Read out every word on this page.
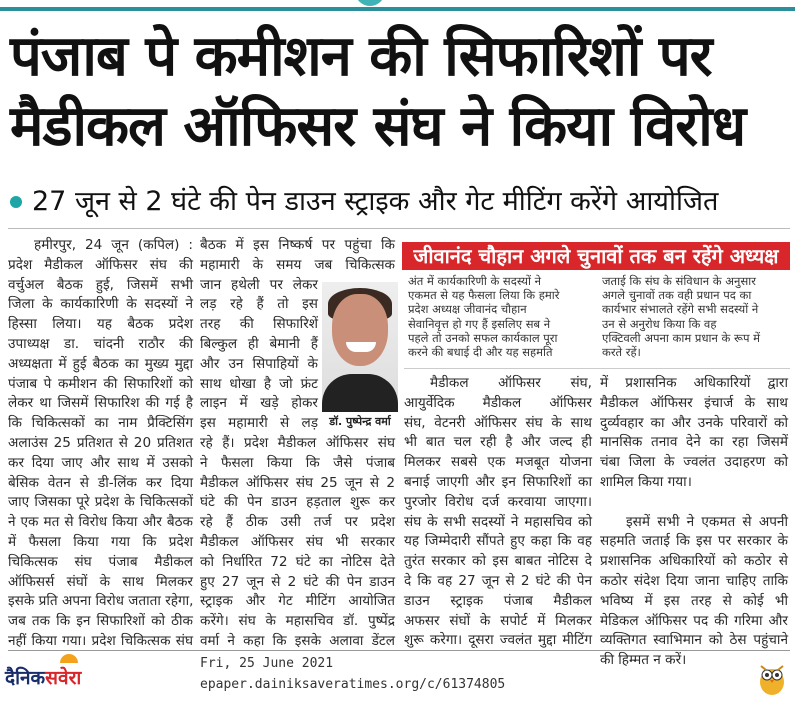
पंजाब पे कमीशन की सिफारिशों पर
मैडीकल ऑफिसर संघ ने किया विरोध
27 जून से 2 घंटे की पेन डाउन स्ट्राइक और गेट मीटिंग करेंगे आयोजित
हमीरपुर, 24 जून (कपिल) :
प्रदेश मैडीकल ऑफिसर संघ की
वर्चुअल बैठक हुई, जिसमें सभी
जिला के कार्यकारिणी के सदस्यों ने
हिस्सा लिया। यह बैठक प्रदेश
उपाध्यक्ष डा. चांदनी राठौर की
अध्यक्षता में हुई बैठक का मुख्य मुद्दा
पंजाब पे कमीशन की सिफारिशों को
लेकर था जिसमें सिफारिश की गई है
कि चिकित्सकों का नाम प्रैक्टिसिंग
अलाउंस 25 प्रतिशत से 20 प्रतिशत
कर दिया जाए और साथ में उसको
बेसिक वेतन से डी-लिंक कर दिया
जाए जिसका पूरे प्रदेश के चिकित्सकों
ने एक मत से विरोध किया और बैठक
में फैसला किया गया कि प्रदेश
चिकित्सक संघ पंजाब मैडीकल
ऑफिसर्स संघों के साथ मिलकर
इसके प्रति अपना विरोध जताता रहेगा,
जब तक कि इन सिफारिशों को ठीक
नहीं किया गया। प्रदेश चिकित्सक संघ
बैठक में इस निष्कर्ष पर पहुंचा कि
महामारी के समय जब चिकित्सक
जान हथेली पर लेकर
लड़ रहे हैं तो इस
तरह की सिफारिशें
बिल्कुल ही बेमानी हैं
और उन सिपाहियों के
साथ धोखा है जो फ्रंट
लाइन में खड़े होकर
इस महामारी से लड़
रहे हैं। प्रदेश मैडीकल ऑफिसर संघ
ने फैसला किया कि जैसे पंजाब
मैडीकल ऑफिसर संघ 25 जून से 2
घंटे की पेन डाउन हड़ताल शुरू कर
रहे हैं ठीक उसी तर्ज पर प्रदेश
मैडीकल ऑफिसर संघ भी सरकार
को निर्धारित 72 घंटे का नोटिस देते
हुए 27 जून से 2 घंटे की पेन डाउन
स्ट्राइक और गेट मीटिंग आयोजित
करेंगे। संघ के महासचिव डॉ. पुष्पेंद्र
वर्मा ने कहा कि इसके अलावा डेंटल
मैडीकल ऑफिसर संघ,
आयुर्वेदिक मैडीकल ऑफिसर
संघ, वेटनरी ऑफिसर संघ के साथ
भी बात चल रही है और जल्द ही
मिलकर सबसे एक मजबूत योजना
बनाई जाएगी और इन सिफारिशों का
पुरजोर विरोध दर्ज करवाया जाएगा।
संघ के सभी सदस्यों ने महासचिव को
यह जिम्मेदारी सौंपते हुए कहा कि वह
तुरंत सरकार को इस बाबत नोटिस दे
दे कि वह 27 जून से 2 घंटे की पेन
डाउन स्ट्राइक पंजाब मैडीकल
अफसर संघों के सपोर्ट में मिलकर
शुरू करेगा। दूसरा ज्वलंत मुद्दा मीटिंग
में प्रशासनिक अधिकारियों द्वारा
मैडीकल ऑफिसर इंचार्ज के साथ
दुर्व्यवहार का और उनके परिवारों को
मानसिक तनाव देने का रहा जिसमें
चंबा जिला के ज्वलंत उदाहरण को
शामिल किया गया।
इसमें सभी ने एकमत से अपनी
सहमति जताई कि इस पर सरकार के
प्रशासनिक अधिकारियों को कठोर से
कठोर संदेश दिया जाना चाहिए ताकि
भविष्य में इस तरह से कोई भी
मेडिकल ऑफिसर पद की गरिमा और
व्यक्तिगत स्वाभिमान को ठेस पहुंचाने
की हिम्मत न करें।
जीवानंद चौहान अगले चुनावों तक बन रहेंगे अध्यक्ष
अंत में कार्यकारिणी के सदस्यों ने
एकमत से यह फैसला लिया कि हमारे
प्रदेश अध्यक्ष जीवानंद चौहान
सेवानिवृत्त हो गए हैं इसलिए सब ने
पहले तो उनको सफल कार्यकाल पूरा
करने की बधाई दी और यह सहमति
जताई कि संघ के संविधान के अनुसार
अगले चुनावों तक वही प्रधान पद का
कार्यभार संभालते रहेंगे सभी सदस्यों ने
उन से अनुरोध किया कि वह
एक्टिवली अपना काम प्रधान के रूप में
करते रहें।
डॉ. पुष्पेन्द्र वर्मा
दैनिकसवेरा
Fri, 25 June 2021
epaper.dainiksaveratimes.org/c/61374805
